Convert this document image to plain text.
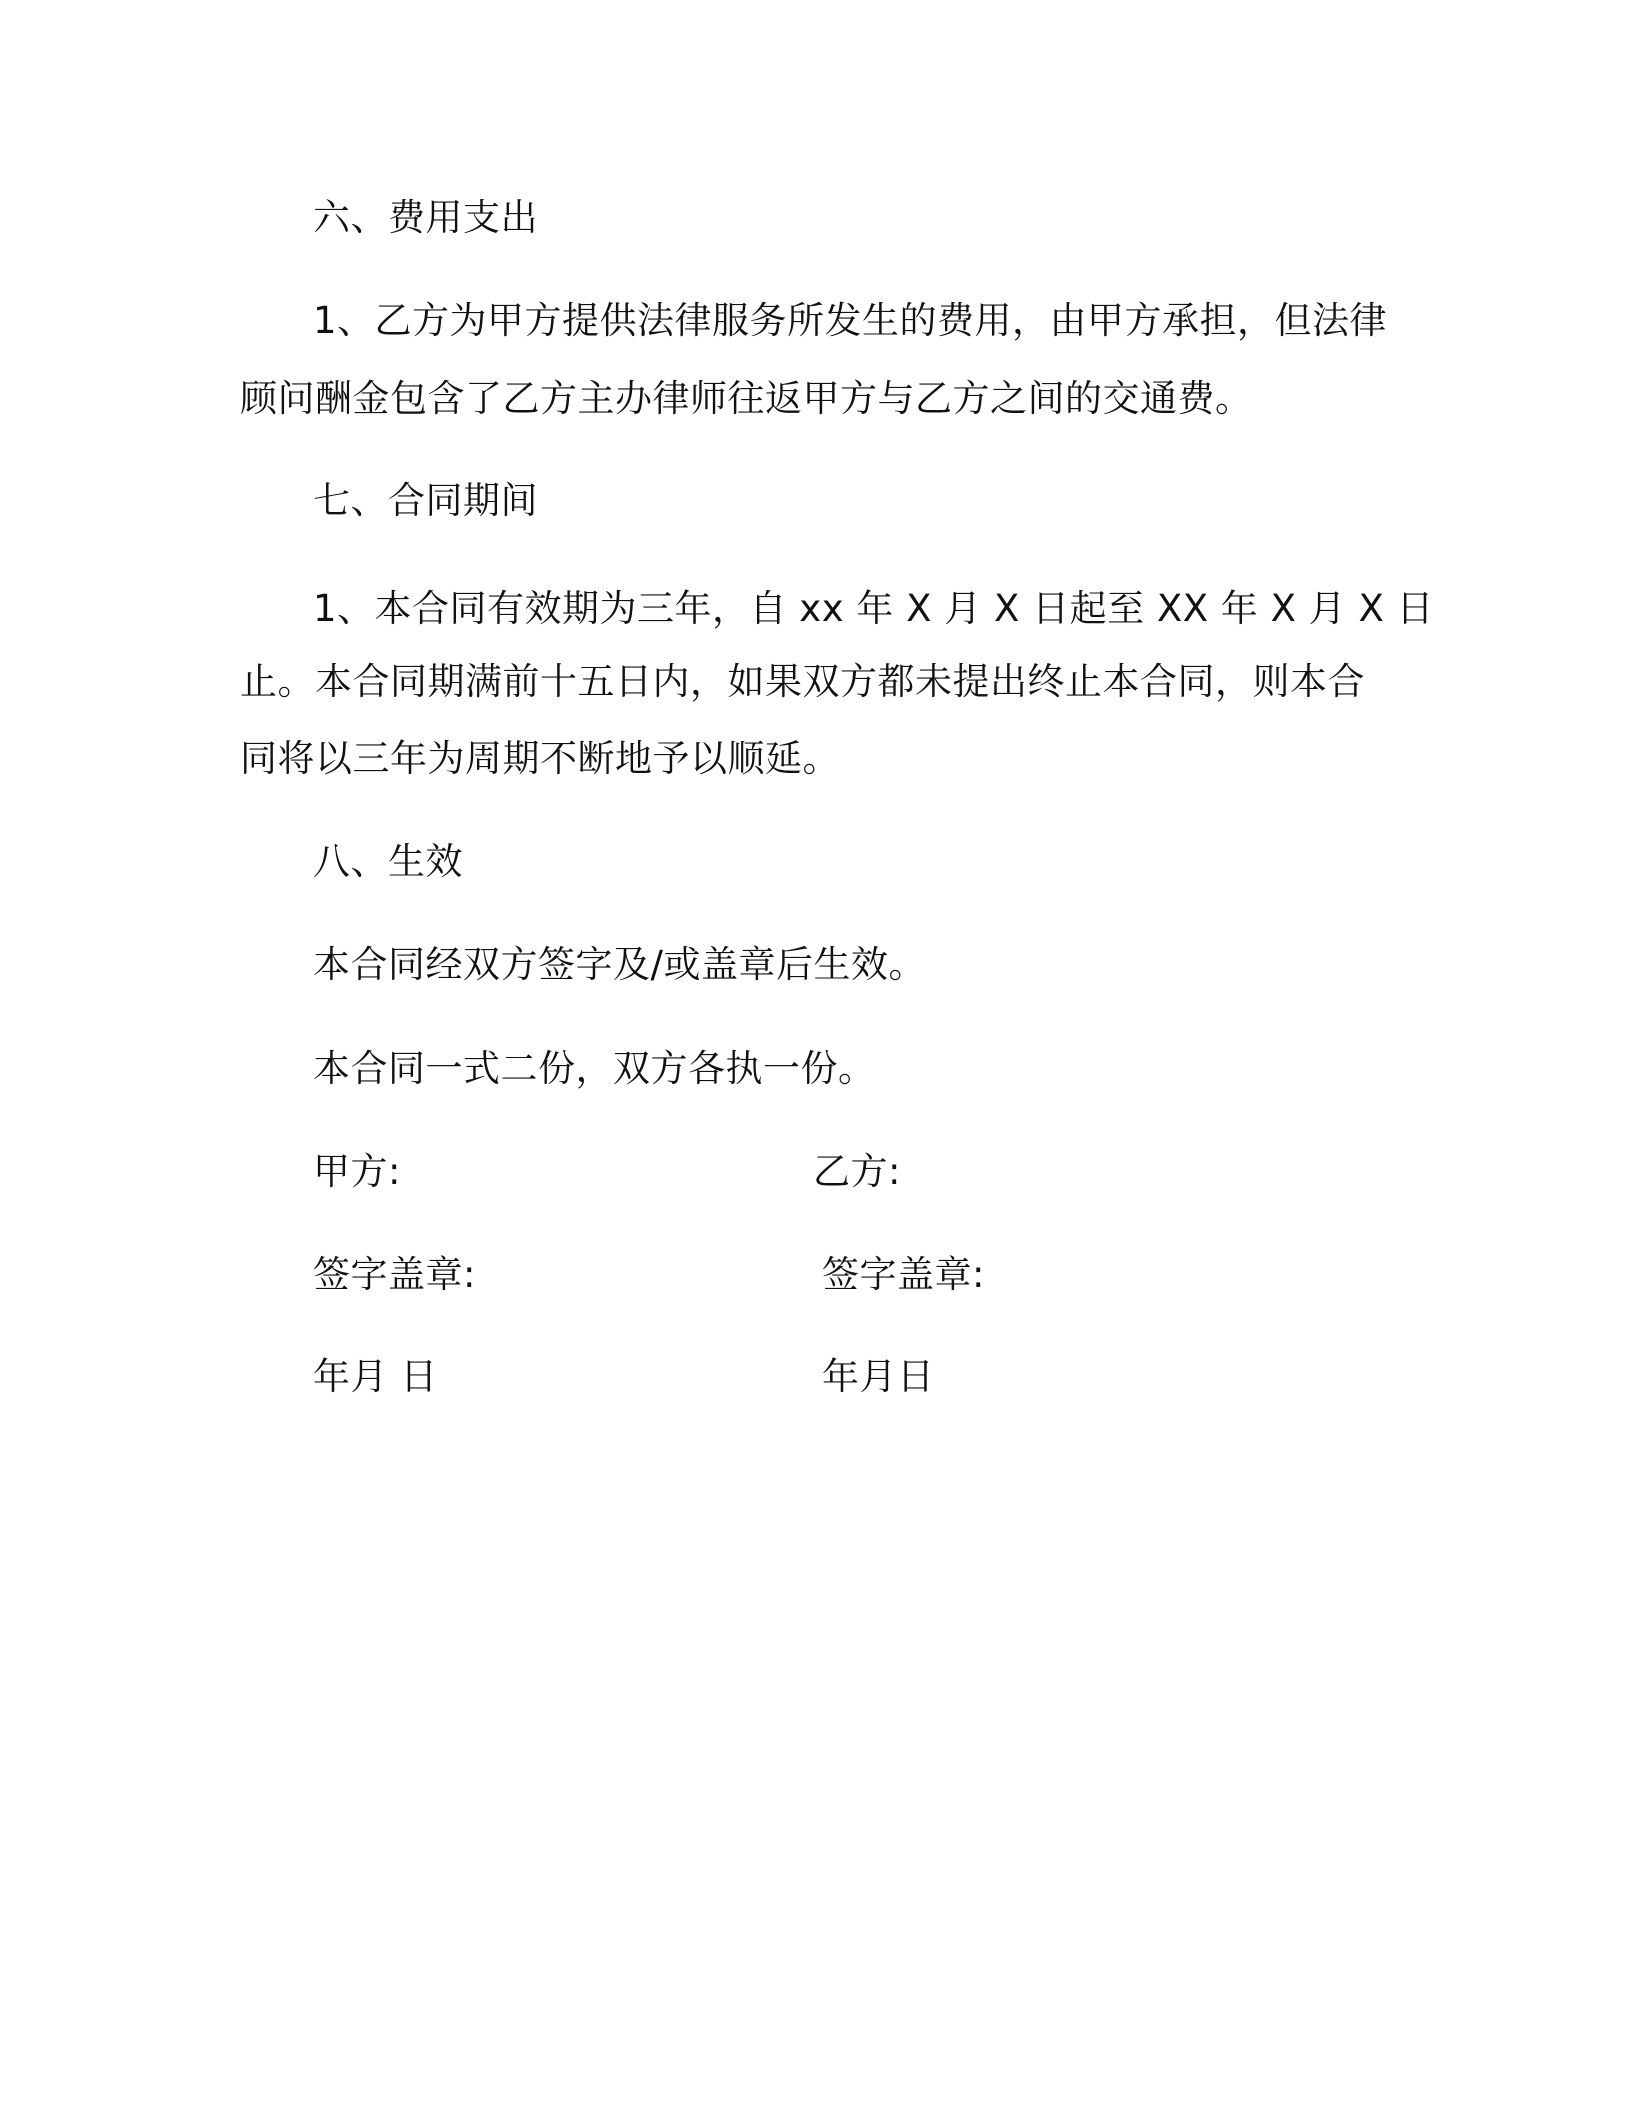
六、费用支出
1、乙方为甲方提供法律服务所发生的费用，由甲方承担，但法律
顾问酬金包含了乙方主办律师往返甲方与乙方之间的交通费。
七、合同期间
1、本合同有效期为三年，自 xx 年 X 月 X 日起至 XX 年 X 月 X 日
止。本合同期满前十五日内，如果双方都未提出终止本合同，则本合
同将以三年为周期不断地予以顺延。
八、生效
本合同经双方签字及/或盖章后生效。
本合同一式二份，双方各执一份。
甲方:	乙方:
签字盖章:	签字盖章:
年月 日	年月日
